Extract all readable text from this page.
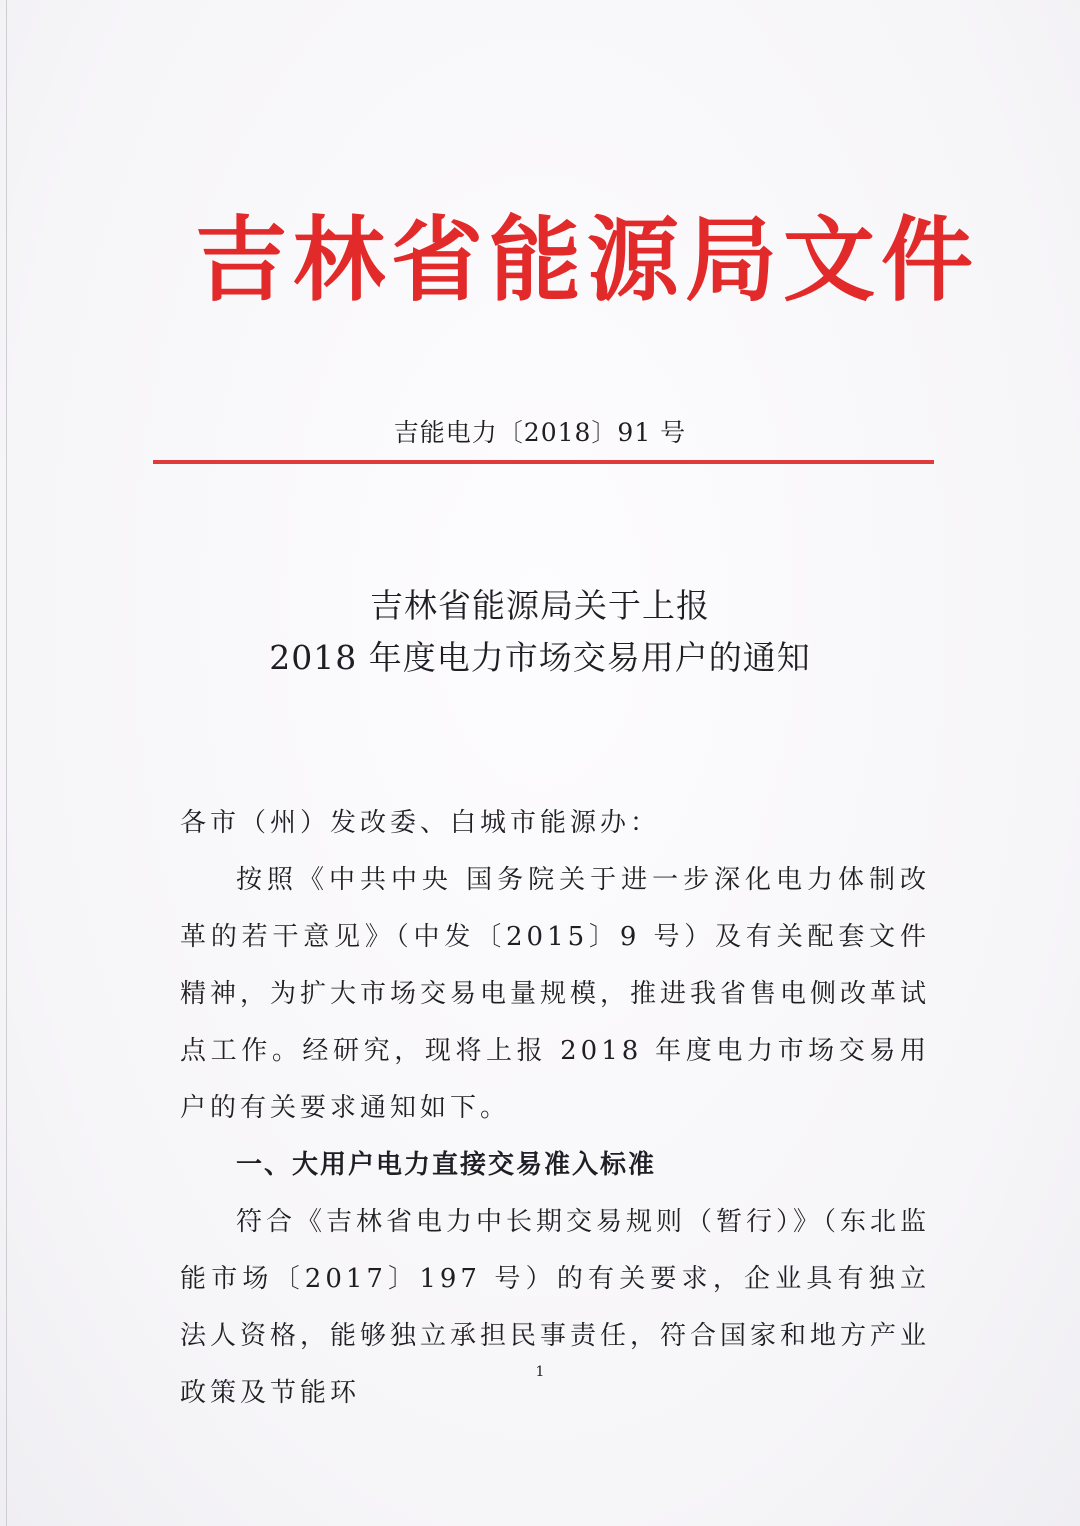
吉林省能源局文件
吉能电力〔2018〕91 号
吉林省能源局关于上报
2018 年度电力市场交易用户的通知

各市（州）发改委、白城市能源办：

按照《中共中央 国务院关于进一步深化电力体制改革的若干意见》（中发〔2015〕9 号）及有关配套文件精神，为扩大市场交易电量规模，推进我省售电侧改革试点工作。经研究，现将上报 2018 年度电力市场交易用户的有关要求通知如下。

一、大用户电力直接交易准入标准

符合《吉林省电力中长期交易规则（暂行）》（东北监能市场〔2017〕197 号）的有关要求，企业具有独立法人资格，能够独立承担民事责任，符合国家和地方产业政策及节能环

1
